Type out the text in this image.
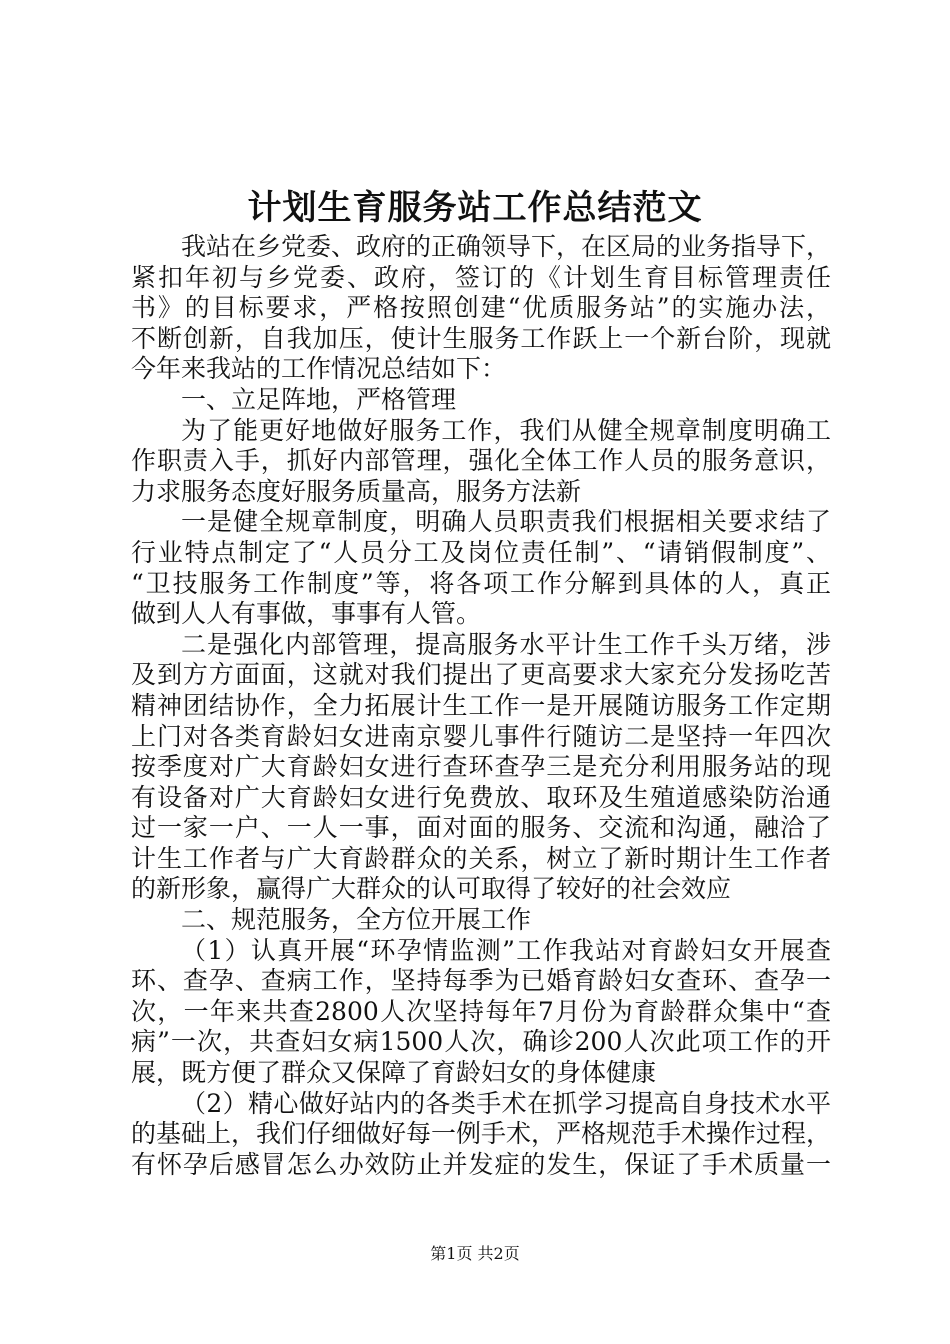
计划生育服务站工作总结范文
我站在乡党委、政府的正确领导下，在区局的业务指导下，
紧扣年初与乡党委、政府，签订的《计划生育目标管理责任
书》的目标要求，严格按照创建“优质服务站”的实施办法，
不断创新，自我加压，使计生服务工作跃上一个新台阶，现就
今年来我站的工作情况总结如下：
一、立足阵地，严格管理
为了能更好地做好服务工作，我们从健全规章制度明确工
作职责入手，抓好内部管理，强化全体工作人员的服务意识，
力求服务态度好服务质量高，服务方法新
一是健全规章制度，明确人员职责我们根据相关要求结了
行业特点制定了“人员分工及岗位责任制”、“请销假制度”、
“卫技服务工作制度”等，将各项工作分解到具体的人，真正
做到人人有事做，事事有人管。
二是强化内部管理，提高服务水平计生工作千头万绪，涉
及到方方面面，这就对我们提出了更高要求大家充分发扬吃苦
精神团结协作，全力拓展计生工作一是开展随访服务工作定期
上门对各类育龄妇女进南京婴儿事件行随访二是坚持一年四次
按季度对广大育龄妇女进行查环查孕三是充分利用服务站的现
有设备对广大育龄妇女进行免费放、取环及生殖道感染防治通
过一家一户、一人一事，面对面的服务、交流和沟通，融洽了
计生工作者与广大育龄群众的关系，树立了新时期计生工作者
的新形象，赢得广大群众的认可取得了较好的社会效应
二、规范服务，全方位开展工作
（1）认真开展“环孕情监测”工作我站对育龄妇女开展查
环、查孕、查病工作，坚持每季为已婚育龄妇女查环、查孕一
次，一年来共查2800人次坚持每年7月份为育龄群众集中“查
病”一次，共查妇女病1500人次，确诊200人次此项工作的开
展，既方便了群众又保障了育龄妇女的身体健康
（2）精心做好站内的各类手术在抓学习提高自身技术水平
的基础上，我们仔细做好每一例手术，严格规范手术操作过程，
有怀孕后感冒怎么办效防止并发症的发生，保证了手术质量一
第1页 共2页
